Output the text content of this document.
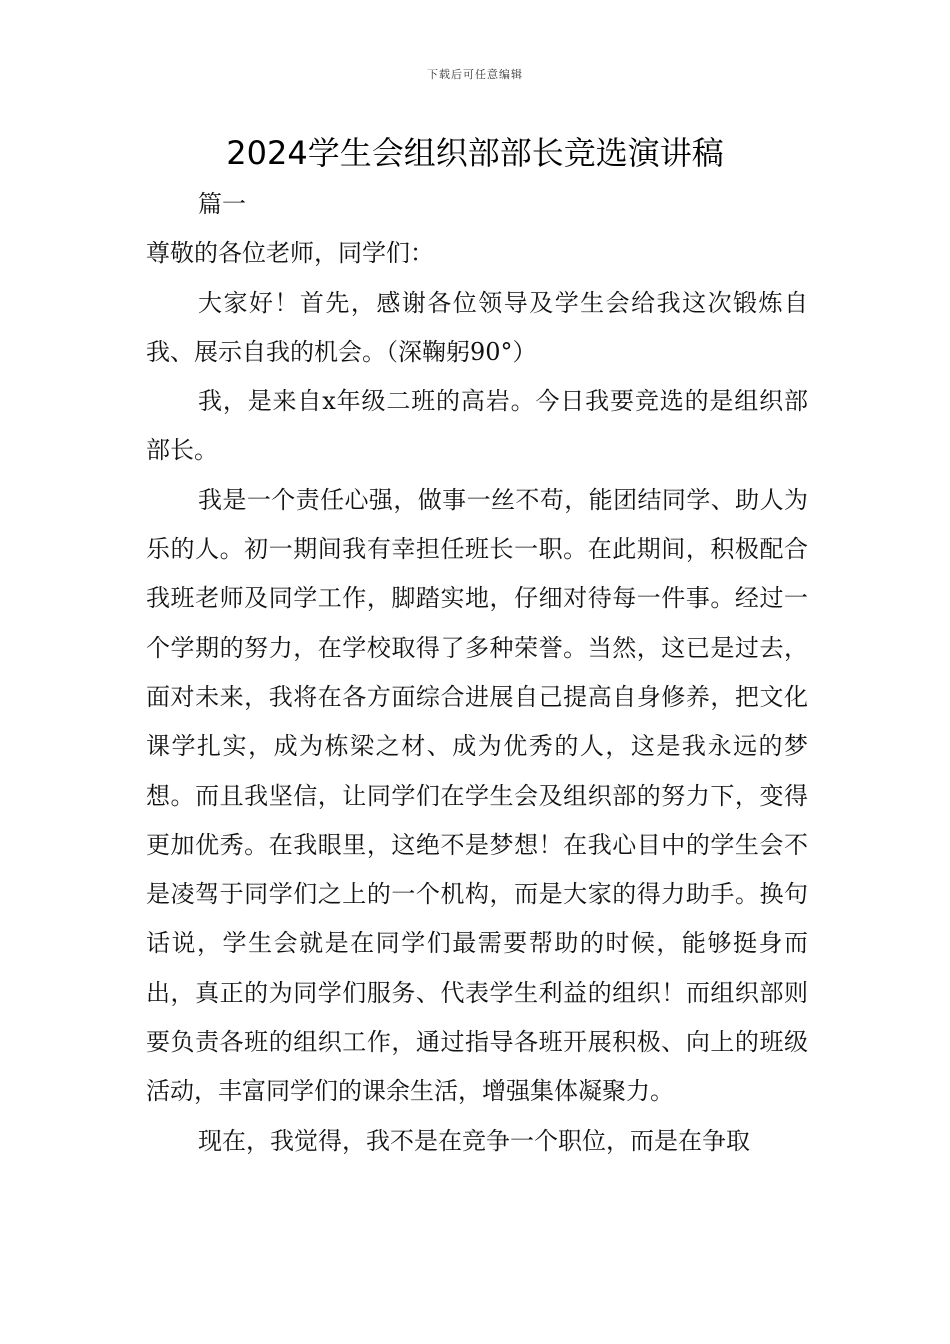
下载后可任意编辑
2024学生会组织部部长竞选演讲稿

篇一

尊敬的各位老师，同学们：

大家好！首先，感谢各位领导及学生会给我这次锻炼自我、展示自我的机会。（深鞠躬90°）

我，是来自x年级二班的高岩。今日我要竞选的是组织部部长。

我是一个责任心强，做事一丝不苟，能团结同学、助人为乐的人。初一期间我有幸担任班长一职。在此期间，积极配合我班老师及同学工作，脚踏实地，仔细对待每一件事。经过一个学期的努力，在学校取得了多种荣誉。当然，这已是过去，面对未来，我将在各方面综合进展自己提高自身修养，把文化课学扎实，成为栋梁之材、成为优秀的人，这是我永远的梦想。而且我坚信，让同学们在学生会及组织部的努力下，变得更加优秀。在我眼里，这绝不是梦想！在我心目中的学生会不是凌驾于同学们之上的一个机构，而是大家的得力助手。换句话说，学生会就是在同学们最需要帮助的时候，能够挺身而出，真正的为同学们服务、代表学生利益的组织！而组织部则要负责各班的组织工作，通过指导各班开展积极、向上的班级活动，丰富同学们的课余生活，增强集体凝聚力。

现在，我觉得，我不是在竞争一个职位，而是在争取
